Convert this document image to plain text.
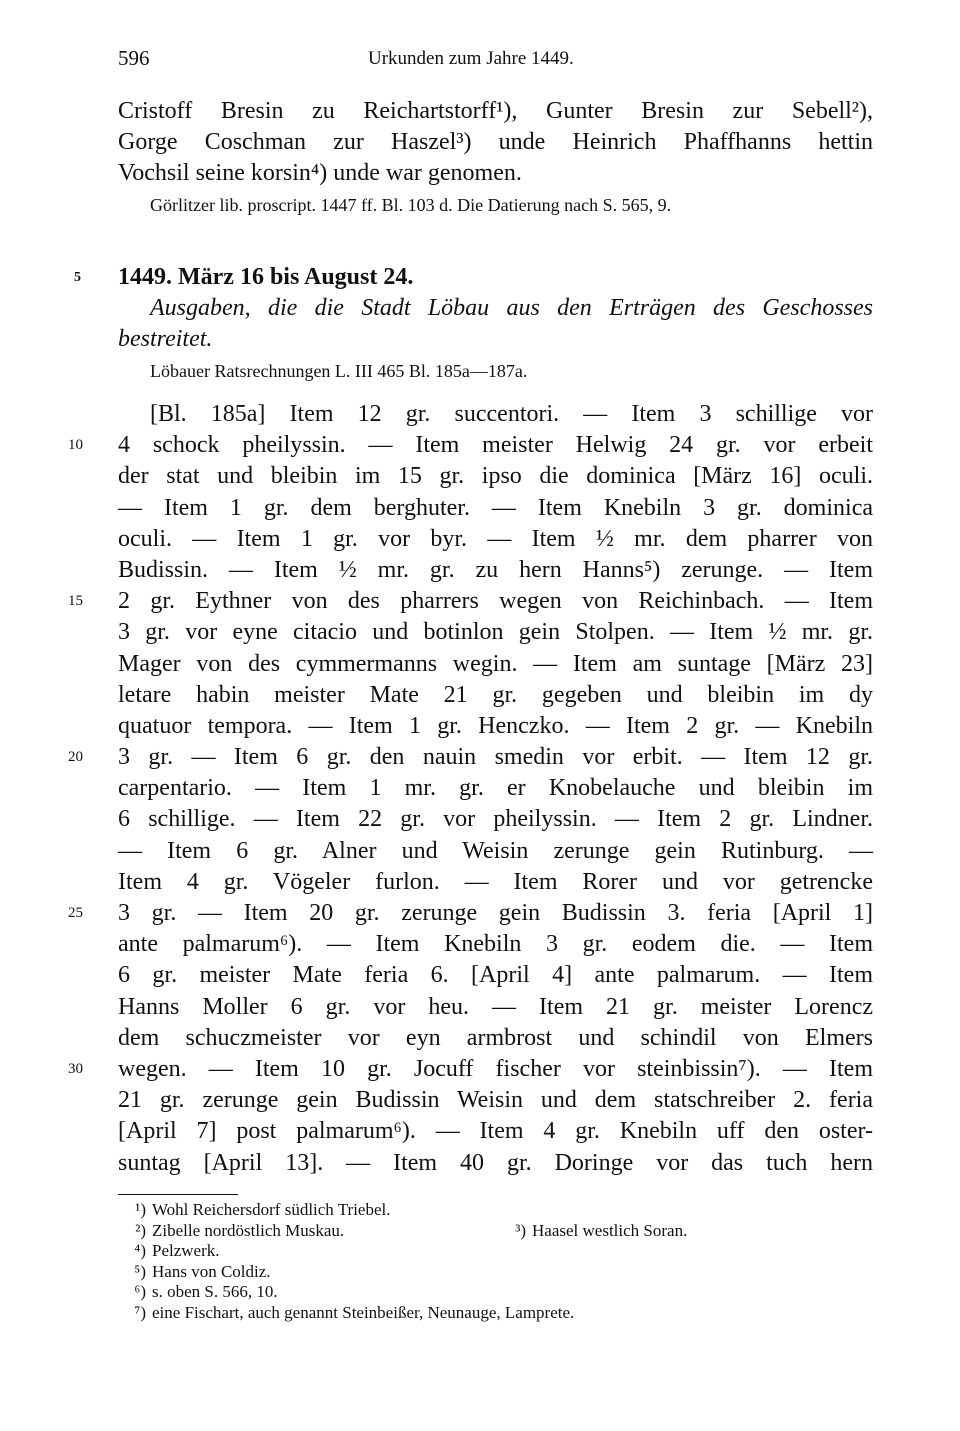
596	Urkunden zum Jahre 1449.
Cristoff Bresin zu Reichartstorff¹), Gunter Bresin zur Sebell²),
Gorge Coschman zur Haszel³) unde Heinrich Phaffhanns hettin
Vochsil seine korsin⁴) unde war genomen.
Görlitzer lib. proscript. 1447 ff. Bl. 103 d. Die Datierung nach S. 565, 9.
5	1449. März 16 bis August 24.
Ausgaben, die die Stadt Löbau aus den Erträgen des Geschosses
bestreitet.
Löbauer Ratsrechnungen L. III 465 Bl. 185a—187a.
[Bl. 185a] Item 12 gr. succentori. — Item 3 schillige vor
10	4 schock pheilyssin. — Item meister Helwig 24 gr. vor erbeit
der stat und bleibin im 15 gr. ipso die dominica [März 16] oculi.
— Item 1 gr. dem berghuter. — Item Knebiln 3 gr. dominica
oculi. — Item 1 gr. vor byr. — Item ½ mr. dem pharrer von
Budissin. — Item ½ mr. gr. zu hern Hanns⁵) zerunge. — Item
15	2 gr. Eythner von des pharrers wegen von Reichinbach. — Item
3 gr. vor eyne citacio und botinlon gein Stolpen. — Item ½ mr. gr.
Mager von des cymmermanns wegin. — Item am suntage [März 23]
letare habin meister Mate 21 gr. gegeben und bleibin im dy
quatuor tempora. — Item 1 gr. Henczko. — Item 2 gr. — Knebiln
20	3 gr. — Item 6 gr. den nauin smedin vor erbit. — Item 12 gr.
carpentario. — Item 1 mr. gr. er Knobelauche und bleibin im
6 schillige. — Item 22 gr. vor pheilyssin. — Item 2 gr. Lindner.
— Item 6 gr. Alner und Weisin zerunge gein Rutinburg. —
Item 4 gr. Vögeler furlon. — Item Rorer und vor getrencke
25	3 gr. — Item 20 gr. zerunge gein Budissin 3. feria [April 1]
ante palmarum⁶). — Item Knebiln 3 gr. eodem die. — Item
6 gr. meister Mate feria 6. [April 4] ante palmarum. — Item
Hanns Moller 6 gr. vor heu. — Item 21 gr. meister Lorencz
dem schuczmeister vor eyn armbrost und schindil von Elmers
30	wegen. — Item 10 gr. Jocuff fischer vor steinbissin⁷). — Item
21 gr. zerunge gein Budissin Weisin und dem statschreiber 2. feria
[April 7] post palmarum⁶). — Item 4 gr. Knebiln uff den oster-
suntag [April 13]. — Item 40 gr. Doringe vor das tuch hern
¹) Wohl Reichersdorf südlich Triebel.
²) Zibelle nordöstlich Muskau.	³) Haasel westlich Soran.
⁴) Pelzwerk.
⁵) Hans von Coldiz.
⁶) s. oben S. 566, 10.
⁷) eine Fischart, auch genannt Steinbeißer, Neunauge, Lamprete.
